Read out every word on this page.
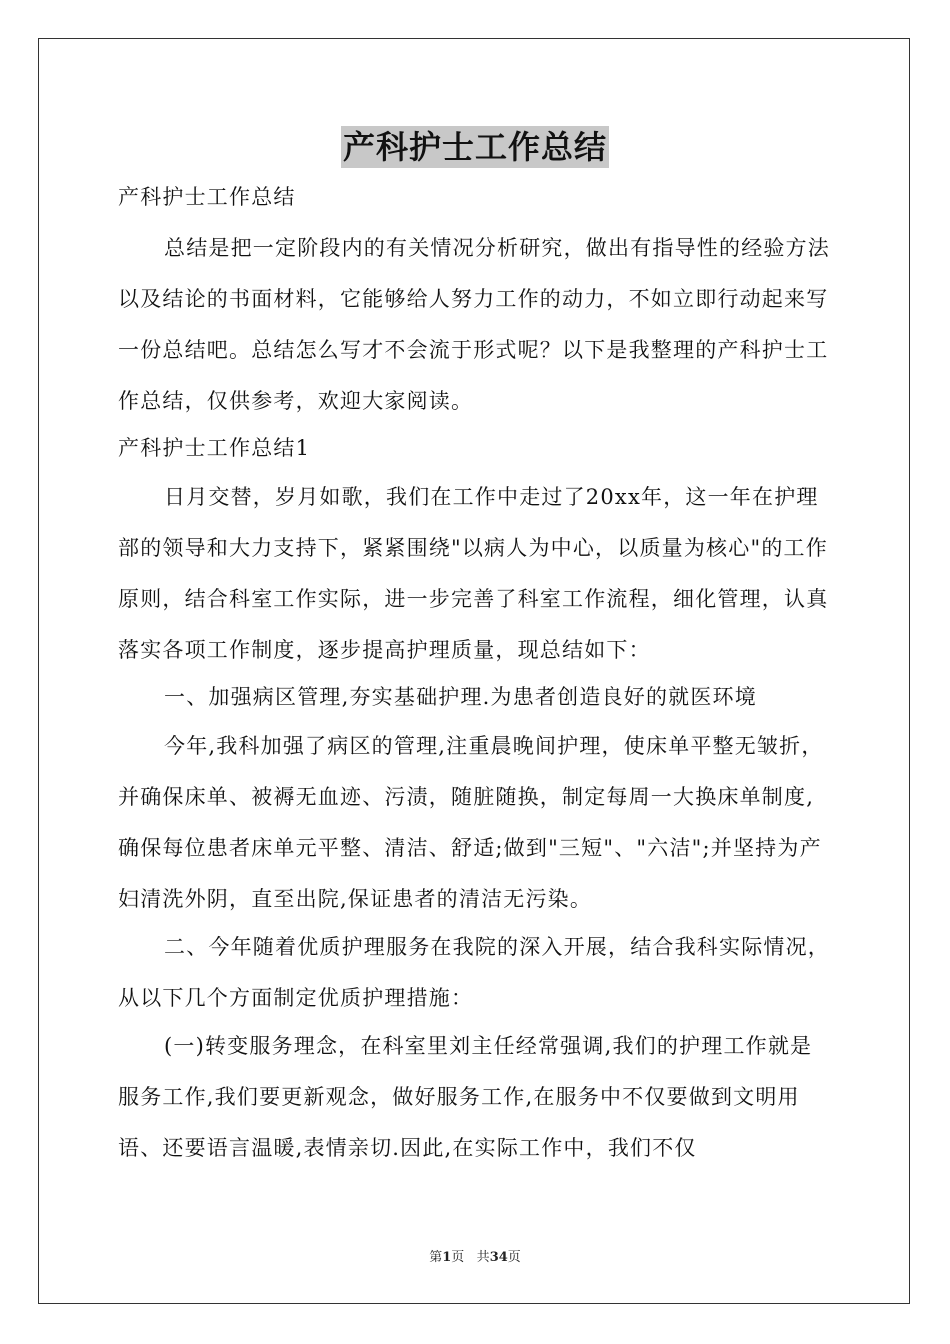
产科护士工作总结

产科护士工作总结

总结是把一定阶段内的有关情况分析研究，做出有指导性的经验方法以及结论的书面材料，它能够给人努力工作的动力，不如立即行动起来写一份总结吧。总结怎么写才不会流于形式呢？以下是我整理的产科护士工作总结，仅供参考，欢迎大家阅读。

产科护士工作总结1

日月交替，岁月如歌，我们在工作中走过了20xx年，这一年在护理部的领导和大力支持下，紧紧围绕"以病人为中心，以质量为核心"的工作原则，结合科室工作实际，进一步完善了科室工作流程，细化管理，认真落实各项工作制度，逐步提高护理质量，现总结如下：

一、加强病区管理,夯实基础护理.为患者创造良好的就医环境

今年,我科加强了病区的管理,注重晨晚间护理，使床单平整无皱折，并确保床单、被褥无血迹、污渍，随脏随换，制定每周一大换床单制度,确保每位患者床单元平整、清洁、舒适;做到"三短"、"六洁";并坚持为产妇清洗外阴，直至出院,保证患者的清洁无污染。

二、今年随着优质护理服务在我院的深入开展，结合我科实际情况，从以下几个方面制定优质护理措施：

(一)转变服务理念，在科室里刘主任经常强调,我们的护理工作就是服务工作,我们要更新观念，做好服务工作,在服务中不仅要做到文明用语、还要语言温暖,表情亲切.因此,在实际工作中，我们不仅

第1页 共34页
